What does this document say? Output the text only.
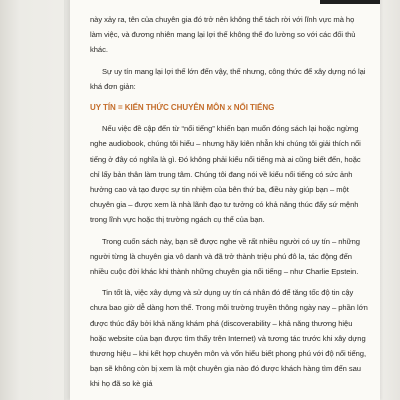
này xảy ra, tên của chuyên gia đó trở nên không thể tách rời với lĩnh vực mà họ làm việc, và đương nhiên mang lại lợi thế không thể đo lường so với các đối thủ khác.

Sự uy tín mang lại lợi thế lớn đến vậy, thế nhưng, công thức để xây dựng nó lại khá đơn giản:

UY TÍN = KIẾN THỨC CHUYÊN MÔN x NỔI TIẾNG

Nếu việc đề cập đến từ “nổi tiếng” khiến bạn muốn đóng sách lại hoặc ngừng nghe audiobook, chúng tôi hiểu – nhưng hãy kiên nhẫn khi chúng tôi giải thích nổi tiếng ở đây có nghĩa là gì. Đó không phải kiểu nổi tiếng mà ai cũng biết đến, hoặc chỉ lấy bản thân làm trung tâm. Chúng tôi đang nói về kiểu nổi tiếng có sức ảnh hưởng cao và tạo được sự tin nhiệm của bên thứ ba, điều này giúp bạn – một chuyên gia – được xem là nhà lãnh đạo tư tưởng có khả năng thúc đẩy sứ mệnh trong lĩnh vực hoặc thị trường ngách cụ thể của bạn.

Trong cuốn sách này, bạn sẽ được nghe về rất nhiều người có uy tín – những người từng là chuyên gia vô danh và đã trở thành triệu phú đô la, tác động đến nhiều cuộc đời khác khi thành những chuyên gia nổi tiếng – như Charlie Epstein.

Tin tốt là, việc xây dựng và sử dụng uy tín cá nhân đó để tăng tốc độ tin cậy chưa bao giờ dễ dàng hơn thế. Trong môi trường truyền thông ngày nay – phần lớn được thúc đẩy bởi khả năng khám phá (discoverability – khả năng thương hiệu hoặc website của bạn được tìm thấy trên Internet) và tương tác trước khi xây dựng thương hiệu – khi kết hợp chuyên môn và vốn hiểu biết phong phú với độ nổi tiếng, bạn sẽ không còn bị xem là một chuyên gia nào đó được khách hàng tìm đến sau khi họ đã so kè giá
